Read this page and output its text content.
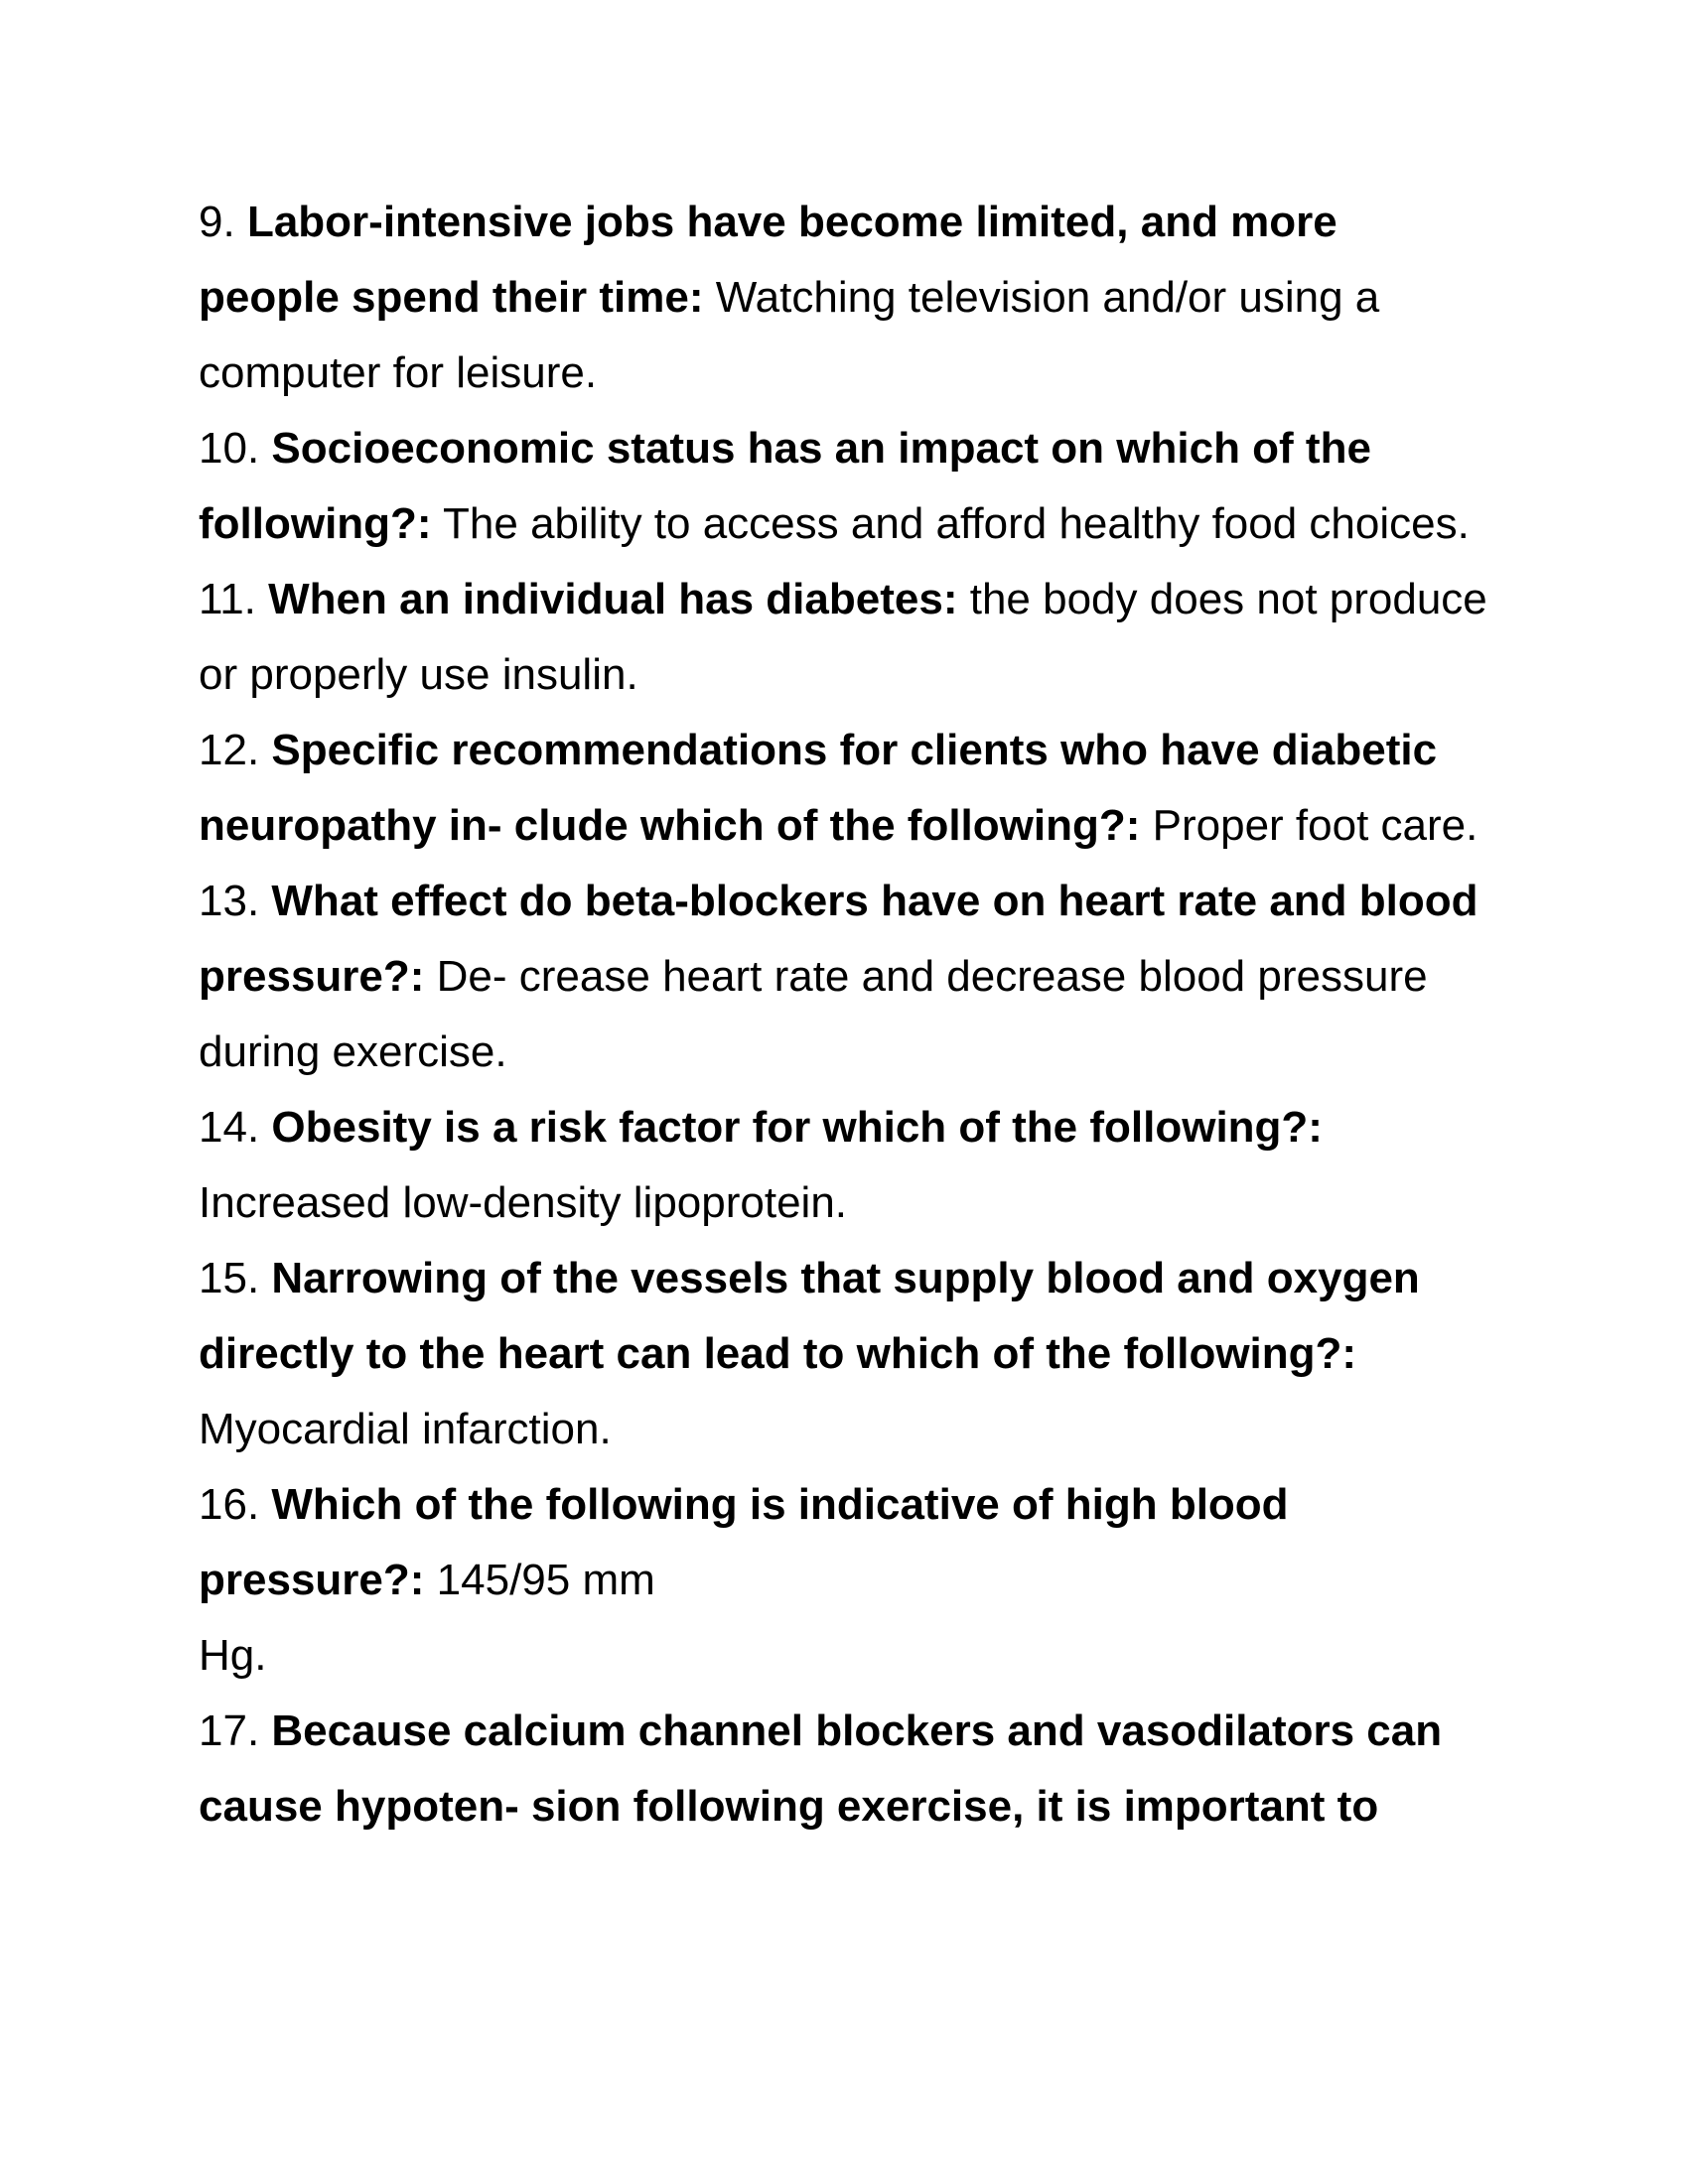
9. Labor-intensive jobs have become limited, and more people spend their time: Watching television and/or using a computer for leisure.
10. Socioeconomic status has an impact on which of the following?: The ability to access and afford healthy food choices.
11. When an individual has diabetes: the body does not produce or properly use insulin.
12. Specific recommendations for clients who have diabetic neuropathy in- clude which of the following?: Proper foot care.
13. What effect do beta-blockers have on heart rate and blood pressure?: De- crease heart rate and decrease blood pressure during exercise.
14. Obesity is a risk factor for which of the following?: Increased low-density lipoprotein.
15. Narrowing of the vessels that supply blood and oxygen directly to the heart can lead to which of the following?: Myocardial infarction.
16. Which of the following is indicative of high blood pressure?: 145/95 mm
Hg.
17. Because calcium channel blockers and vasodilators can cause hypoten- sion following exercise, it is important to
